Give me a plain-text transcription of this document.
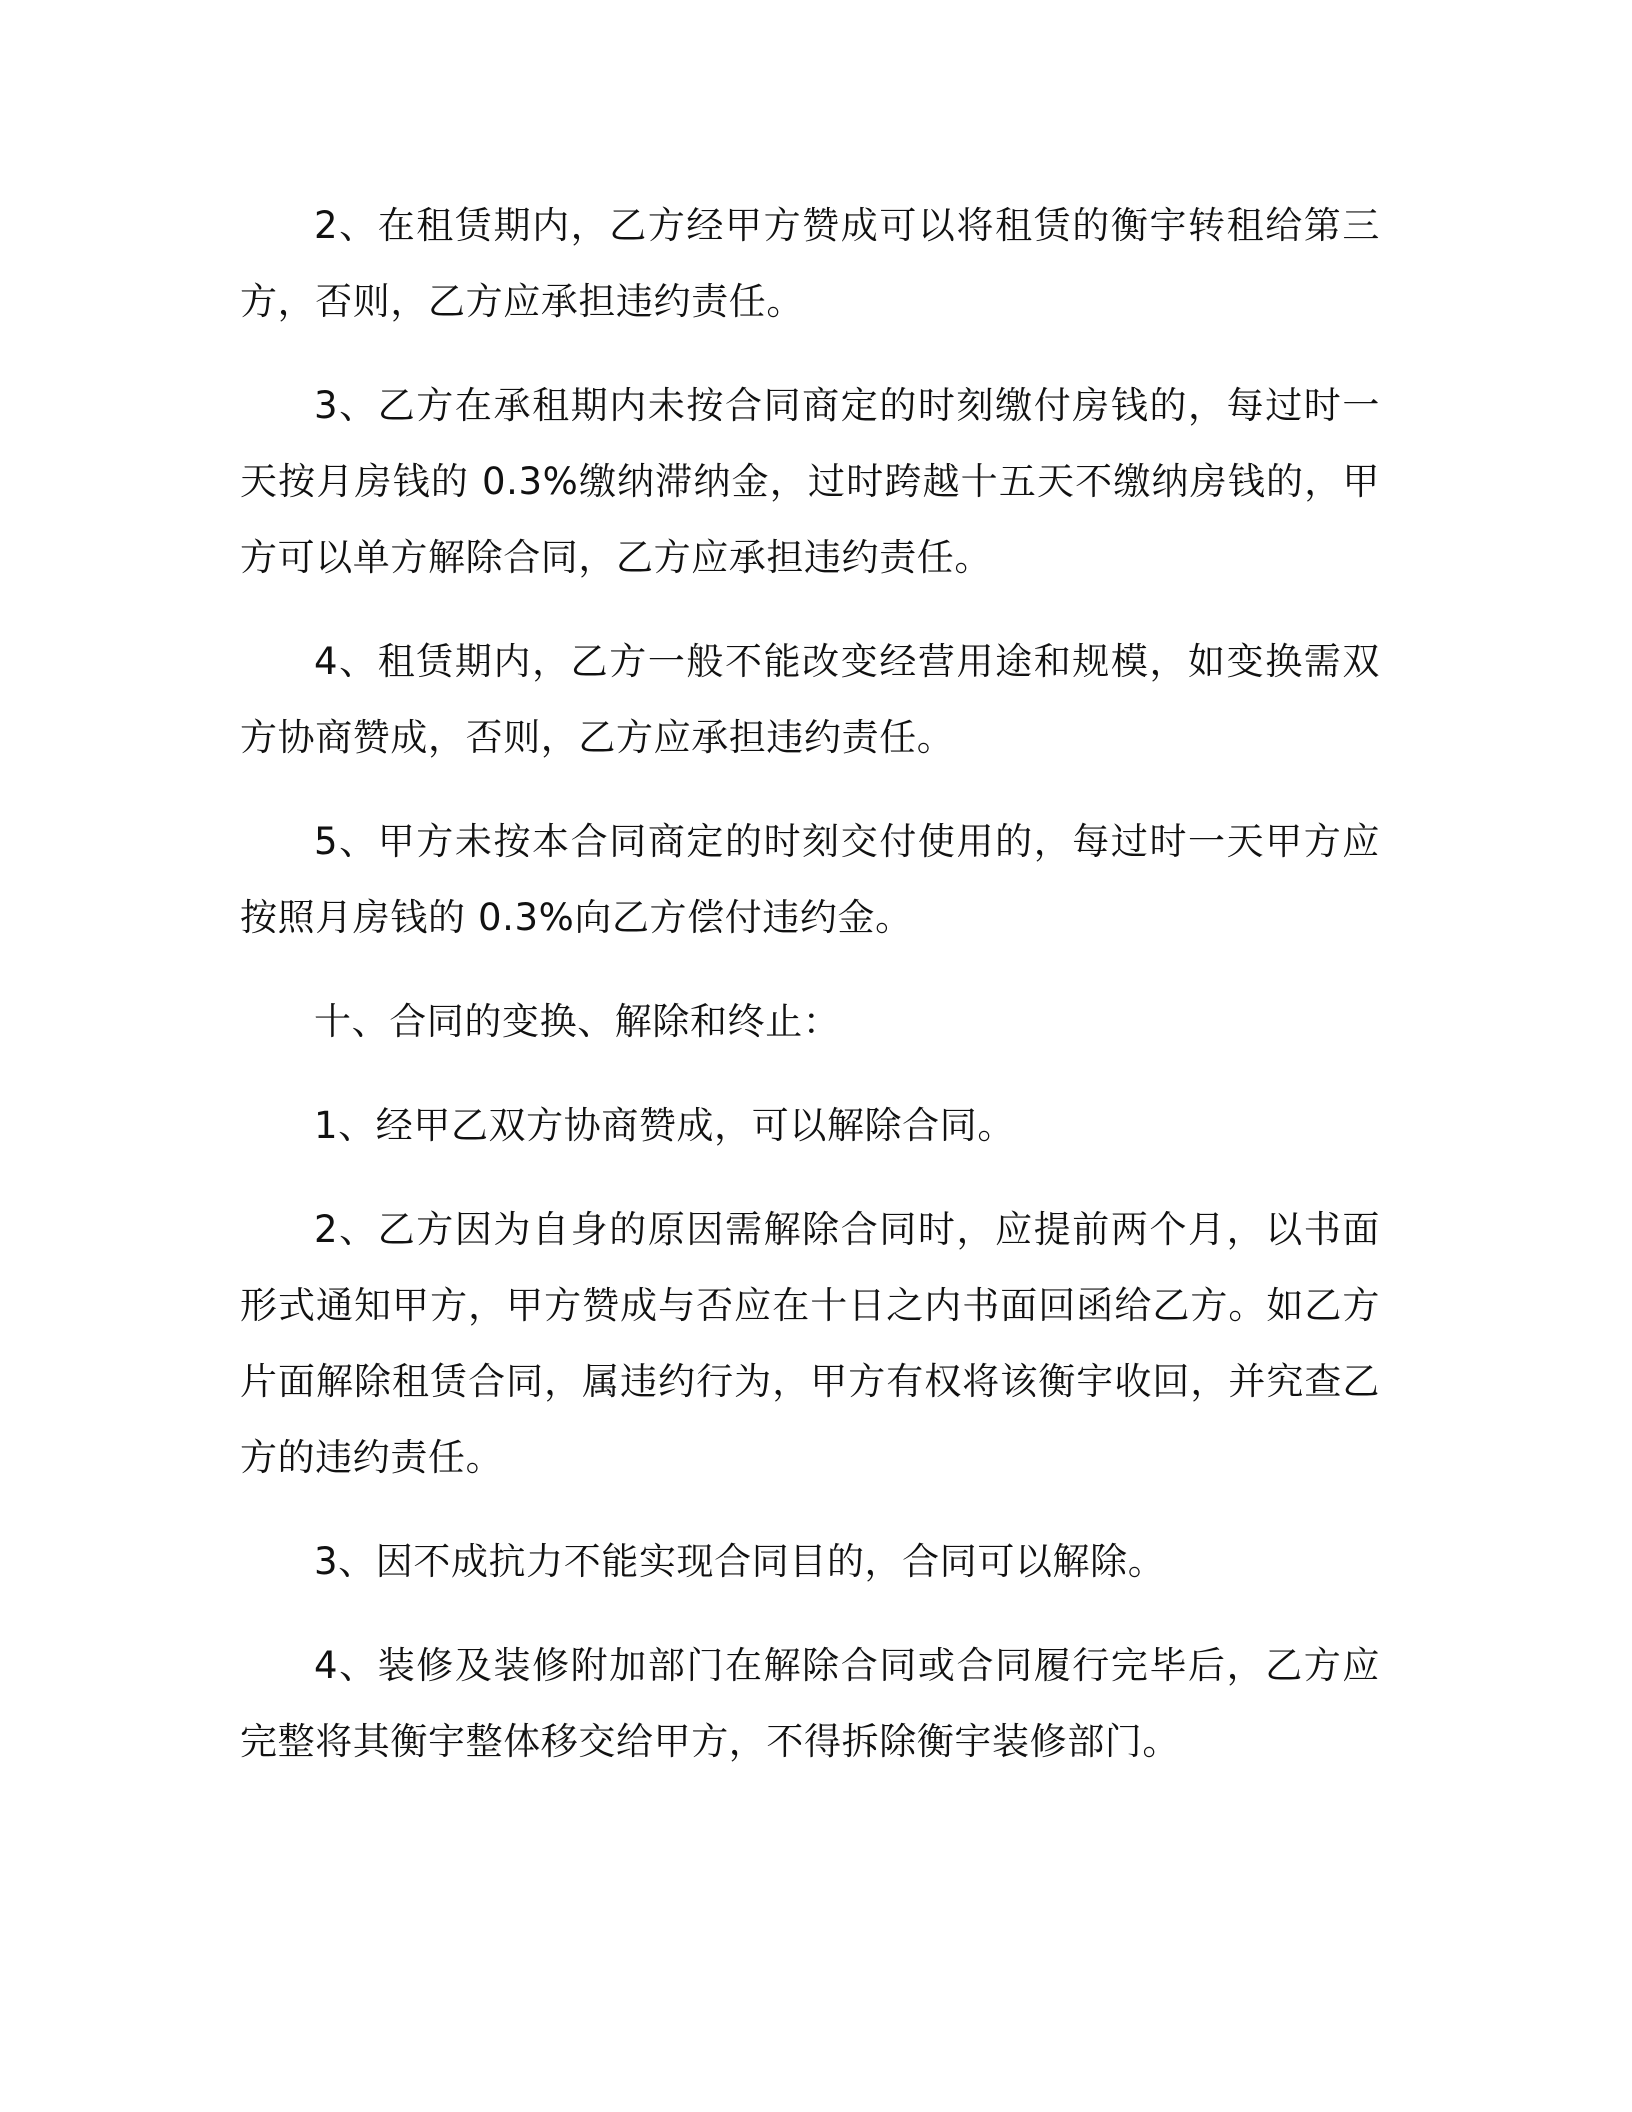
2、在租赁期内，乙方经甲方赞成可以将租赁的衡宇转租给第三方，否则，乙方应承担违约责任。

3、乙方在承租期内未按合同商定的时刻缴付房钱的，每过时一天按月房钱的 0.3%缴纳滞纳金，过时跨越十五天不缴纳房钱的，甲方可以单方解除合同，乙方应承担违约责任。

4、租赁期内，乙方一般不能改变经营用途和规模，如变换需双方协商赞成，否则，乙方应承担违约责任。

5、甲方未按本合同商定的时刻交付使用的，每过时一天甲方应按照月房钱的 0.3%向乙方偿付违约金。

十、合同的变换、解除和终止：

1、经甲乙双方协商赞成，可以解除合同。

2、乙方因为自身的原因需解除合同时，应提前两个月，以书面形式通知甲方，甲方赞成与否应在十日之内书面回函给乙方。如乙方片面解除租赁合同，属违约行为，甲方有权将该衡宇收回，并究查乙方的违约责任。

3、因不成抗力不能实现合同目的，合同可以解除。

4、装修及装修附加部门在解除合同或合同履行完毕后，乙方应完整将其衡宇整体移交给甲方，不得拆除衡宇装修部门。
